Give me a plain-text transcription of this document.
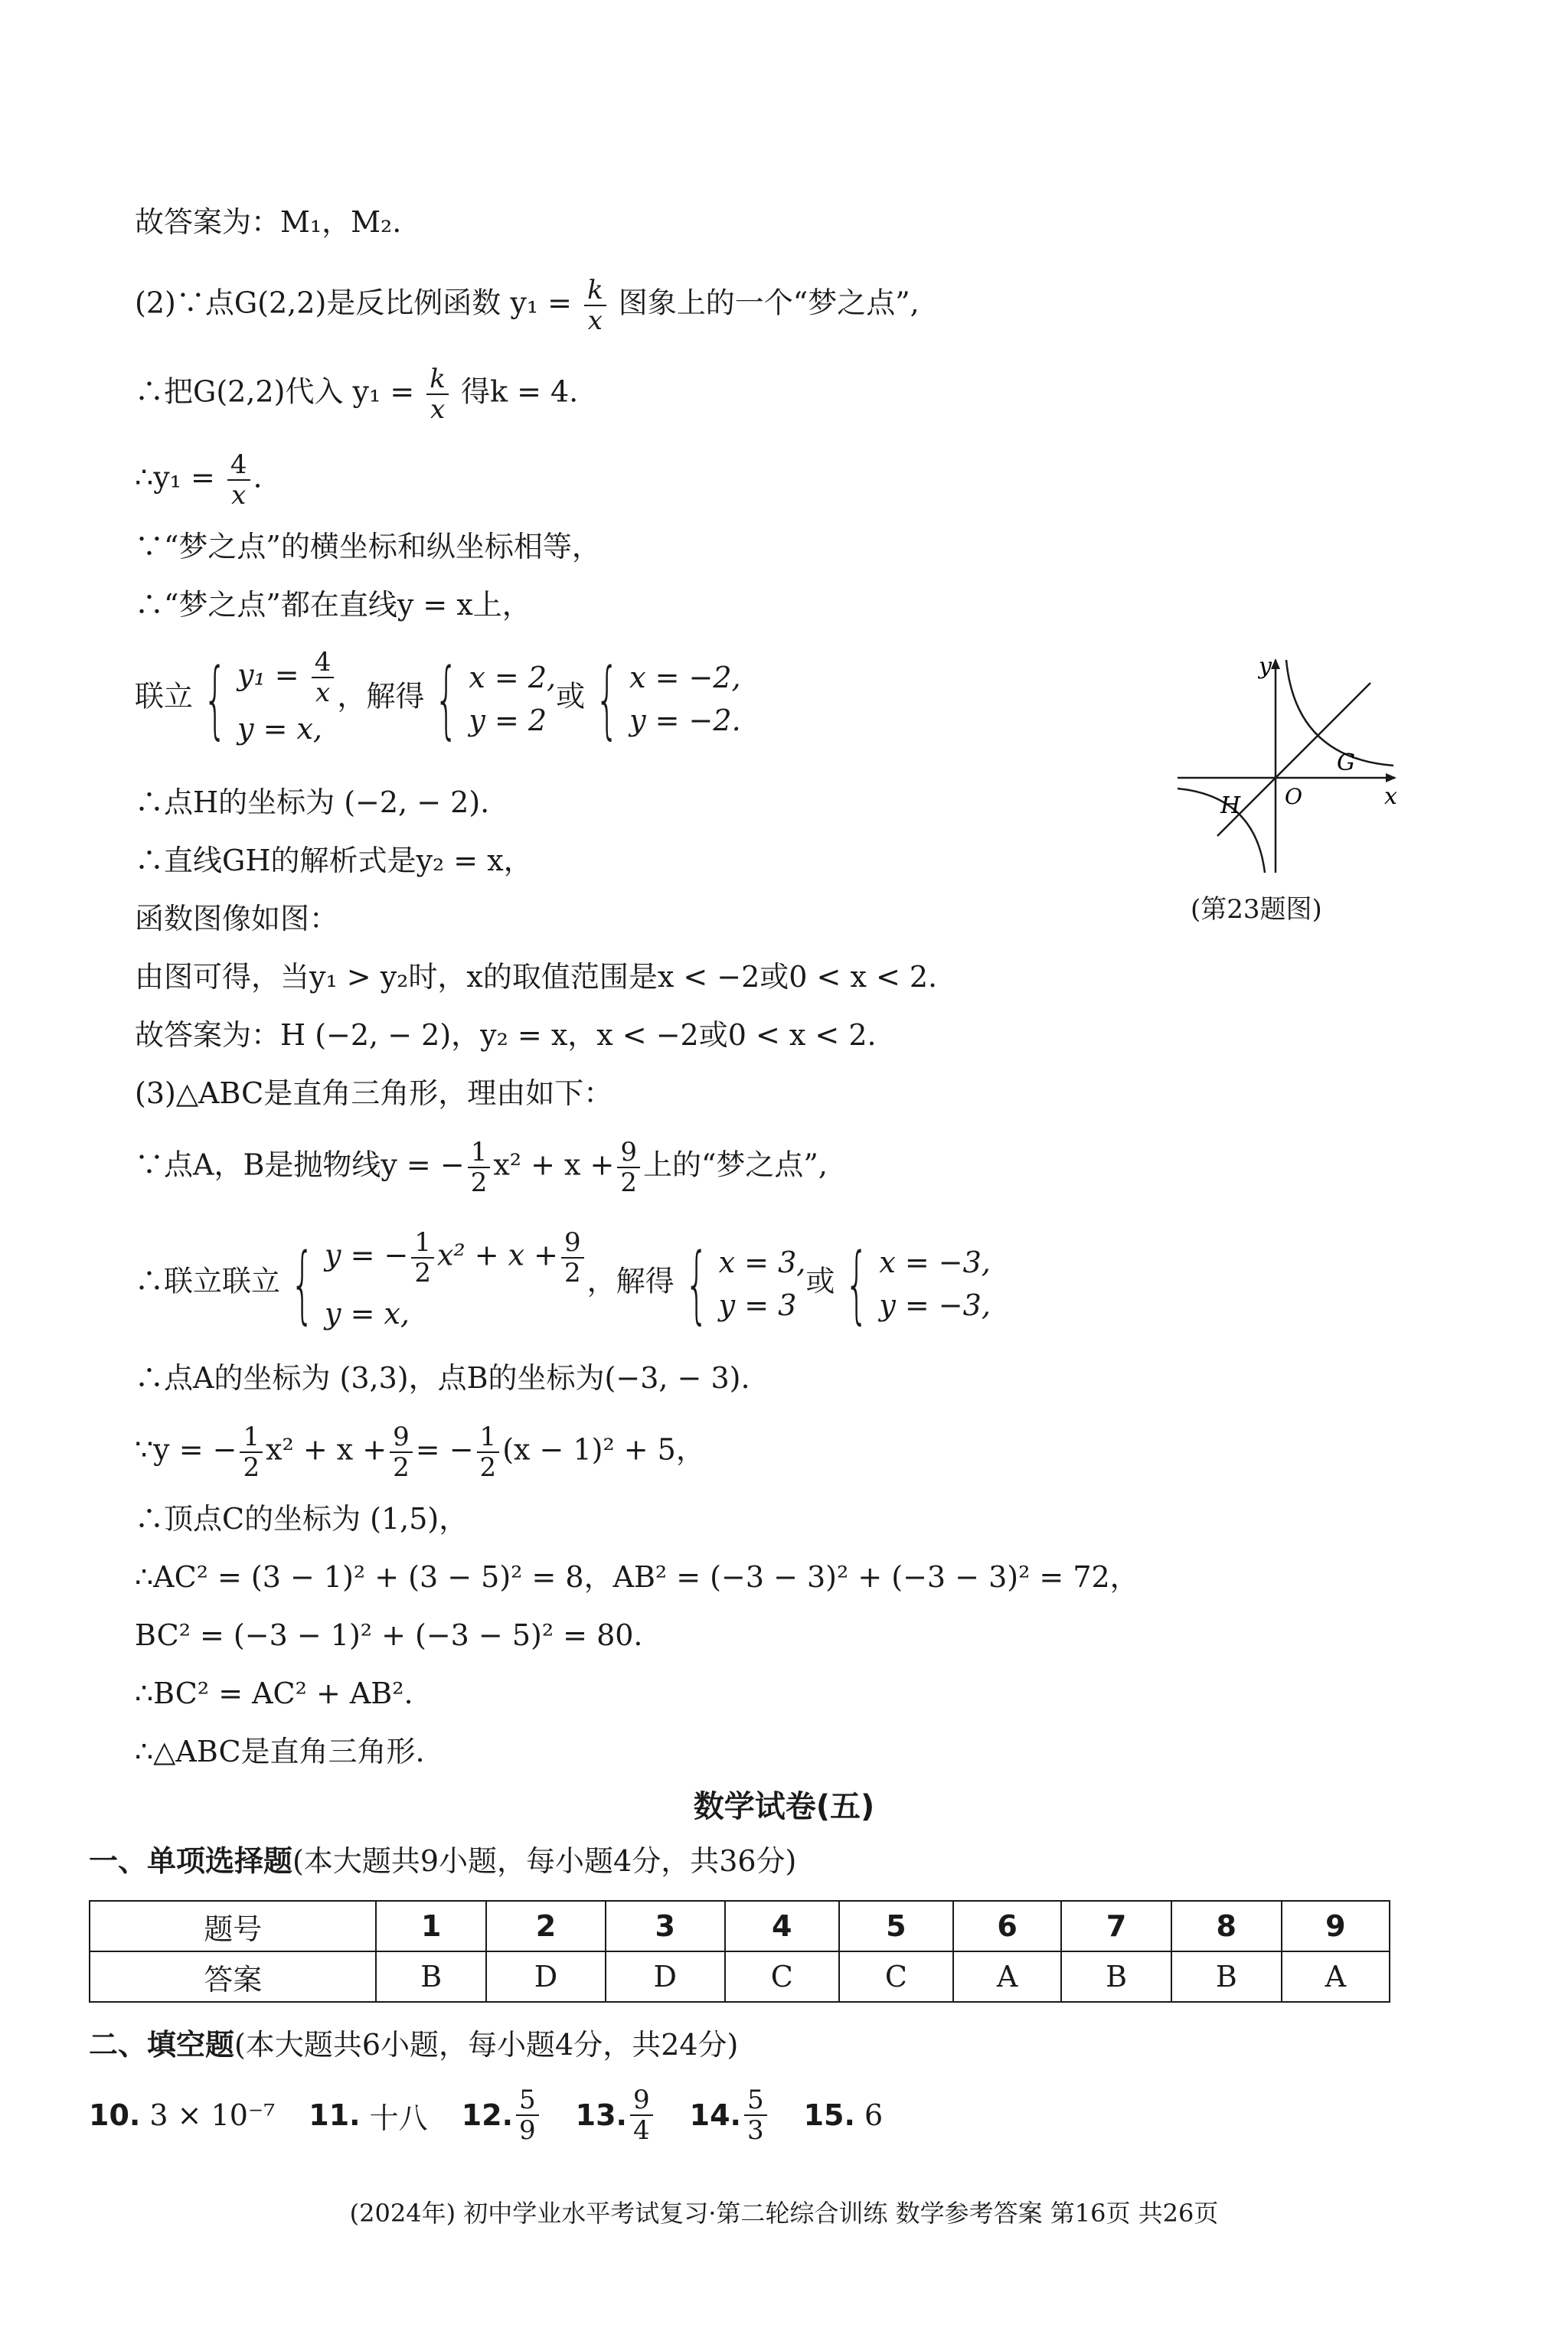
故答案为：M₁，M₂.
(2)∵点G(2,2)是反比例函数 $y_1 = \frac{k}{x}$ 图象上的一个“梦之点”,
∴把G(2,2)代入 $y_1 = \frac{k}{x}$ 得k = 4.
∴y₁ = $\frac{4}{x}$ .
∵“梦之点”的横坐标和纵坐标相等，
∴“梦之点”都在直线y = x上，
联立 { $y_1 = \frac{4}{x}$
y = x,
，解得 { x = 2,
y = 2
或 { x = −2,
y = −2.
∴点H的坐标为 (−2, − 2).
∴直线GH的解析式是y₂ = x，
函数图像如图：
由图可得，当y₁ > y₂时，x的取值范围是x < −2或0 < x < 2.
故答案为：H (−2, − 2)，y₂ = x，x < −2或0 < x < 2.
(3)△ABC是直角三角形，理由如下：
∵点A，B是抛物线y = − $\frac{1}{2} x^2 + x + \frac{9}{2}$ 上的“梦之点”,
∴联立联立 { y = − $\frac{1}{2} x^2 + x + \frac{9}{2}$
y = x,
，解得 { x = 3,
y = 3
或 { x = −3,
y = −3,
∴点A的坐标为 (3,3)，点B的坐标为(−3, − 3).
∵y = − $\frac{1}{2} x^2 + x + \frac{9}{2}$ = − $\frac{1}{2} (x - 1)^2 + 5$，
∴顶点C的坐标为 (1,5)，
∴AC² = (3 − 1)² + (3 − 5)² = 8，AB² = (−3 − 3)² + (−3 − 3)² = 72，
BC² = (−3 − 1)² + (−3 − 5)² = 80.
∴BC² = AC² + AB².
∴△ABC是直角三角形.
y
x
O
G
H
(第23题图)
数学试卷(五)
一、单项选择题(本大题共9小题，每小题4分，共36分)
题号	1	2	3	4	5	6	7	8	9
答案	B	D	D	C	C	A	B	B	A
二、填空题(本大题共6小题，每小题4分，共24分)
10.
3 × 10⁻⁷ 11.
十八 12. $\frac{5}{9} 13$. $\frac{9}{4} 14$. $\frac{5}{3} 15$.
6
(2024年) 初中学业水平考试复习·第二轮综合训练 数学参考答案 第16页 共26页
